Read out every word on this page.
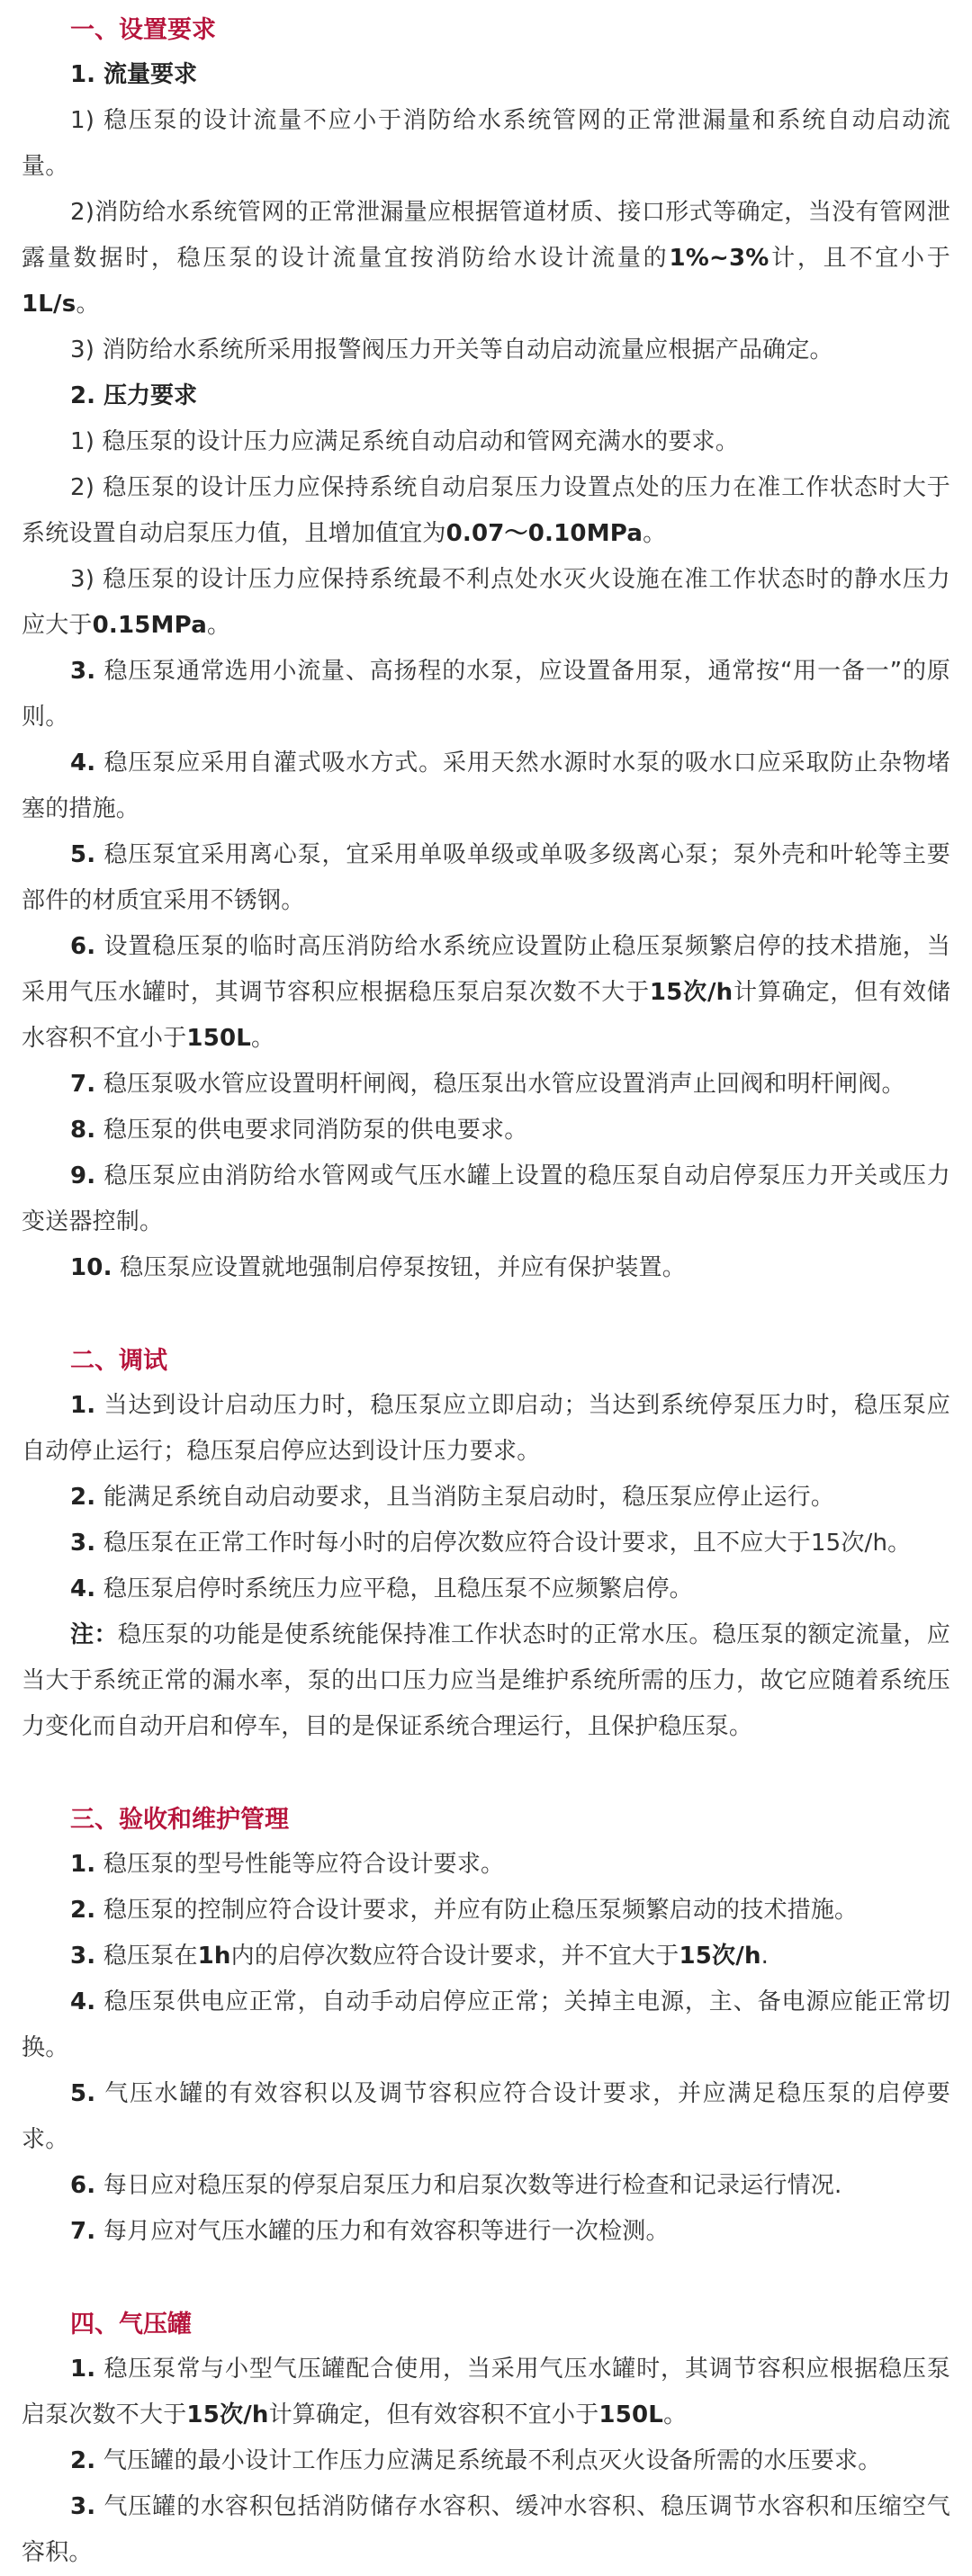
一、设置要求

1. 流量要求

1) 稳压泵的设计流量不应小于消防给水系统管网的正常泄漏量和系统自动启动流量。

2)消防给水系统管网的正常泄漏量应根据管道材质、接口形式等确定，当没有管网泄露量数据时，稳压泵的设计流量宜按消防给水设计流量的1%~3%计，且不宜小于1L/s。

3) 消防给水系统所采用报警阀压力开关等自动启动流量应根据产品确定。

2. 压力要求

1) 稳压泵的设计压力应满足系统自动启动和管网充满水的要求。

2) 稳压泵的设计压力应保持系统自动启泵压力设置点处的压力在准工作状态时大于系统设置自动启泵压力值，且增加值宜为0.07～0.10MPa。

3) 稳压泵的设计压力应保持系统最不利点处水灭火设施在准工作状态时的静水压力应大于0.15MPa。

3. 稳压泵通常选用小流量、高扬程的水泵，应设置备用泵，通常按“用一备一”的原则。

4. 稳压泵应采用自灌式吸水方式。采用天然水源时水泵的吸水口应采取防止杂物堵塞的措施。

5. 稳压泵宜采用离心泵，宜采用单吸单级或单吸多级离心泵；泵外壳和叶轮等主要部件的材质宜采用不锈钢。

6. 设置稳压泵的临时高压消防给水系统应设置防止稳压泵频繁启停的技术措施，当采用气压水罐时，其调节容积应根据稳压泵启泵次数不大于15次/h计算确定，但有效储水容积不宜小于150L。

7. 稳压泵吸水管应设置明杆闸阀，稳压泵出水管应设置消声止回阀和明杆闸阀。

8. 稳压泵的供电要求同消防泵的供电要求。

9. 稳压泵应由消防给水管网或气压水罐上设置的稳压泵自动启停泵压力开关或压力变送器控制。

10. 稳压泵应设置就地强制启停泵按钮，并应有保护装置。

二、调试

1. 当达到设计启动压力时，稳压泵应立即启动；当达到系统停泵压力时，稳压泵应自动停止运行；稳压泵启停应达到设计压力要求。

2. 能满足系统自动启动要求，且当消防主泵启动时，稳压泵应停止运行。

3. 稳压泵在正常工作时每小时的启停次数应符合设计要求，且不应大于15次/h。

4. 稳压泵启停时系统压力应平稳，且稳压泵不应频繁启停。

注：稳压泵的功能是使系统能保持准工作状态时的正常水压。稳压泵的额定流量，应当大于系统正常的漏水率，泵的出口压力应当是维护系统所需的压力，故它应随着系统压力变化而自动开启和停车，目的是保证系统合理运行，且保护稳压泵。

三、验收和维护管理

1. 稳压泵的型号性能等应符合设计要求。

2. 稳压泵的控制应符合设计要求，并应有防止稳压泵频繁启动的技术措施。

3. 稳压泵在1h内的启停次数应符合设计要求，并不宜大于15次/h.

4. 稳压泵供电应正常，自动手动启停应正常；关掉主电源，主、备电源应能正常切换。

5. 气压水罐的有效容积以及调节容积应符合设计要求，并应满足稳压泵的启停要求。

6. 每日应对稳压泵的停泵启泵压力和启泵次数等进行检查和记录运行情况.

7. 每月应对气压水罐的压力和有效容积等进行一次检测。

四、气压罐

1. 稳压泵常与小型气压罐配合使用，当采用气压水罐时，其调节容积应根据稳压泵启泵次数不大于15次/h计算确定，但有效容积不宜小于150L。

2. 气压罐的最小设计工作压力应满足系统最不利点灭火设备所需的水压要求。

3. 气压罐的水容积包括消防储存水容积、缓冲水容积、稳压调节水容积和压缩空气容积。
